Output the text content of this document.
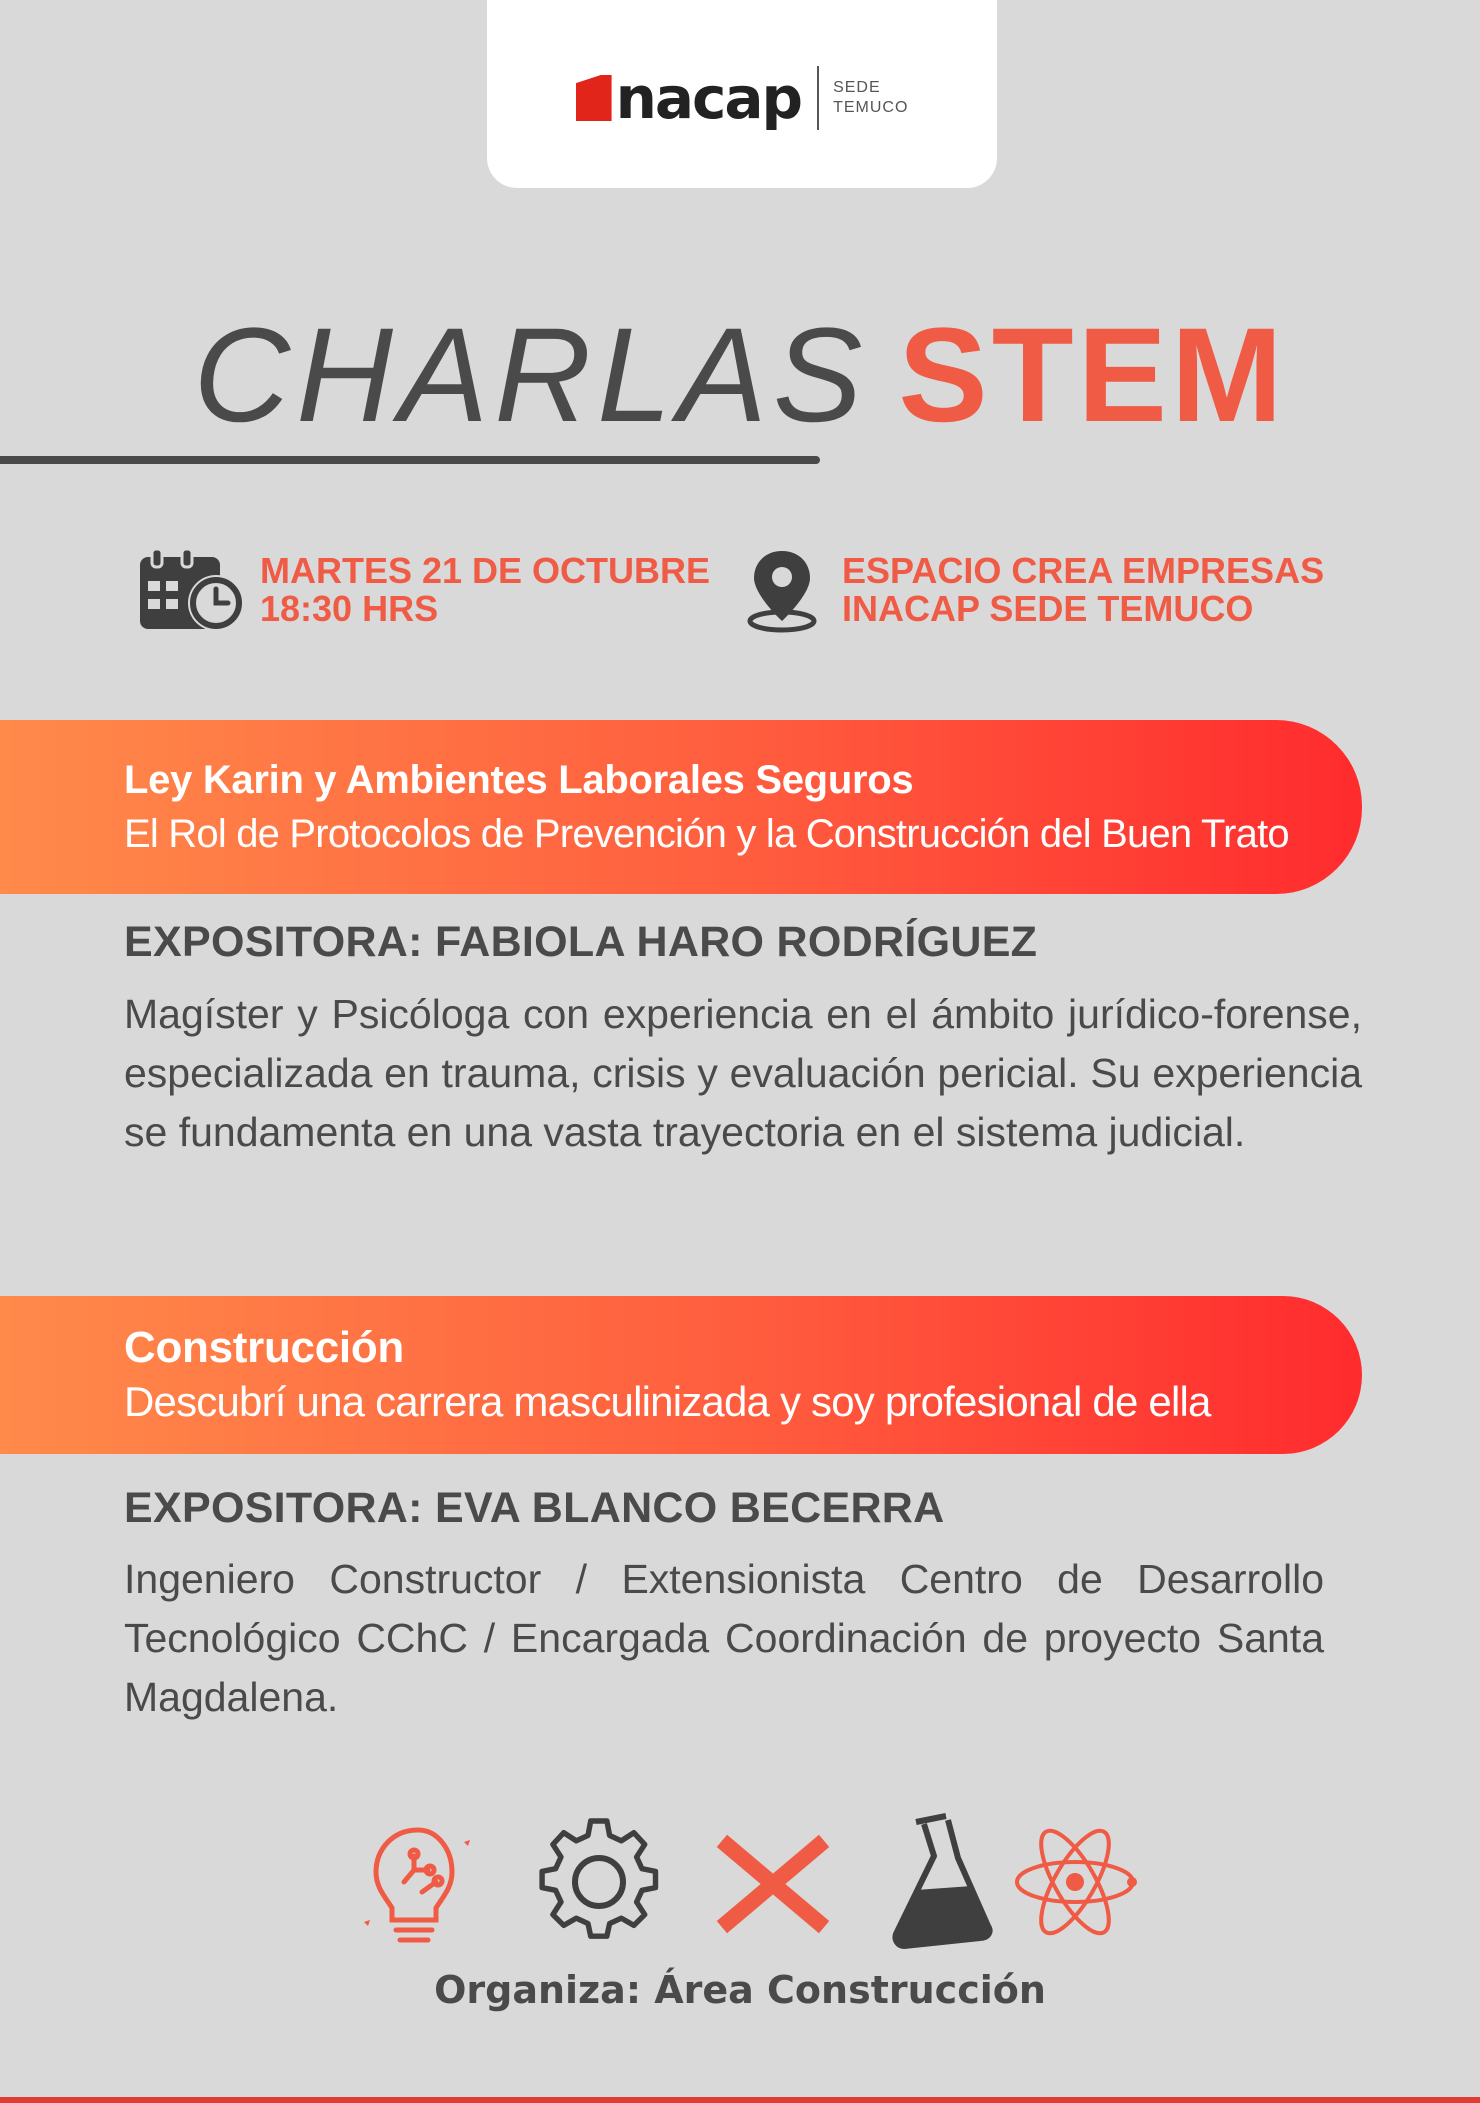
nacap SEDE
TEMUCO
CHARLAS STEM
MARTES 21 DE OCTUBRE
18:30 HRS
ESPACIO CREA EMPRESAS
INACAP SEDE TEMUCO
Ley Karin y Ambientes Laborales Seguros
El Rol de Protocolos de Prevención y la Construcción del Buen Trato
EXPOSITORA: FABIOLA HARO RODRÍGUEZ
Magíster y Psicóloga con experiencia en el ámbito jurídico-forense, especializada en trauma, crisis y evaluación pericial. Su experiencia se fundamenta en una vasta trayectoria en el sistema judicial.
Construcción
Descubrí una carrera masculinizada y soy profesional de ella
EXPOSITORA: EVA BLANCO BECERRA
Ingeniero Constructor / Extensionista Centro de Desarrollo Tecnológico CChC / Encargada Coordinación de proyecto Santa Magdalena.
Organiza: Área Construcción
